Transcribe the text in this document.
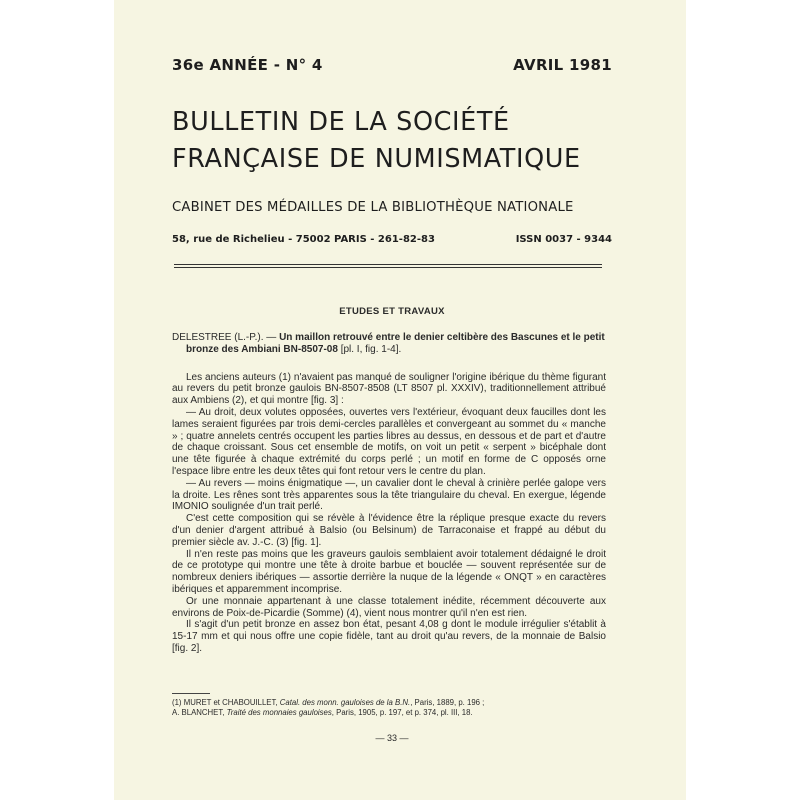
36e ANNÉE - N° 4	AVRIL 1981
BULLETIN DE LA SOCIÉTÉ
FRANÇAISE DE NUMISMATIQUE
CABINET DES MÉDAILLES DE LA BIBLIOTHÈQUE NATIONALE
58, rue de Richelieu - 75002 PARIS - 261-82-83	ISSN 0037 - 9344
ETUDES ET TRAVAUX
DELESTREE (L.-P.). — Un maillon retrouvé entre le denier celtibère des Bascunes et le petit bronze des Ambiani BN-8507-08 [pl. I, fig. 1-4].

Les anciens auteurs (1) n'avaient pas manqué de souligner l'origine ibérique du thème figurant au revers du petit bronze gaulois BN-8507-8508 (LT 8507 pl. XXXIV), traditionnellement attribué aux Ambiens (2), et qui montre [fig. 3] :

— Au droit, deux volutes opposées, ouvertes vers l'extérieur, évoquant deux faucilles dont les lames seraient figurées par trois demi-cercles parallèles et convergeant au sommet du « manche » ; quatre annelets centrés occupent les parties libres au dessus, en dessous et de part et d'autre de chaque croissant. Sous cet ensemble de motifs, on voit un petit « serpent » bicéphale dont une tête figurée à chaque extrémité du corps perlé ; un motif en forme de C opposés orne l'espace libre entre les deux têtes qui font retour vers le centre du plan.

— Au revers — moins énigmatique —, un cavalier dont le cheval à crinière perlée galope vers la droite. Les rênes sont très apparentes sous la tête triangulaire du cheval. En exergue, légende IMONIO soulignée d'un trait perlé.

C'est cette composition qui se révèle à l'évidence être la réplique presque exacte du revers d'un denier d'argent attribué à Balsio (ou Belsinum) de Tarraconaise et frappé au début du premier siècle av. J.-C. (3) [fig. 1].

Il n'en reste pas moins que les graveurs gaulois semblaient avoir totalement dédaigné le droit de ce prototype qui montre une tête à droite barbue et bouclée — souvent représentée sur de nombreux deniers ibériques — assortie derrière la nuque de la légende « ONQT » en caractères ibériques et apparemment incomprise.

Or une monnaie appartenant à une classe totalement inédite, récemment découverte aux environs de Poix-de-Picardie (Somme) (4), vient nous montrer qu'il n'en est rien.

Il s'agit d'un petit bronze en assez bon état, pesant 4,08 g dont le module irrégulier s'établit à 15-17 mm et qui nous offre une copie fidèle, tant au droit qu'au revers, de la monnaie de Balsio [fig. 2].

(1) MURET et CHABOUILLET, Catal. des monn. gauloises de la B.N., Paris, 1889, p. 196 ;

A. BLANCHET, Traité des monnaies gauloises, Paris, 1905, p. 197, et p. 374, pl. III, 18.

— 33 —
